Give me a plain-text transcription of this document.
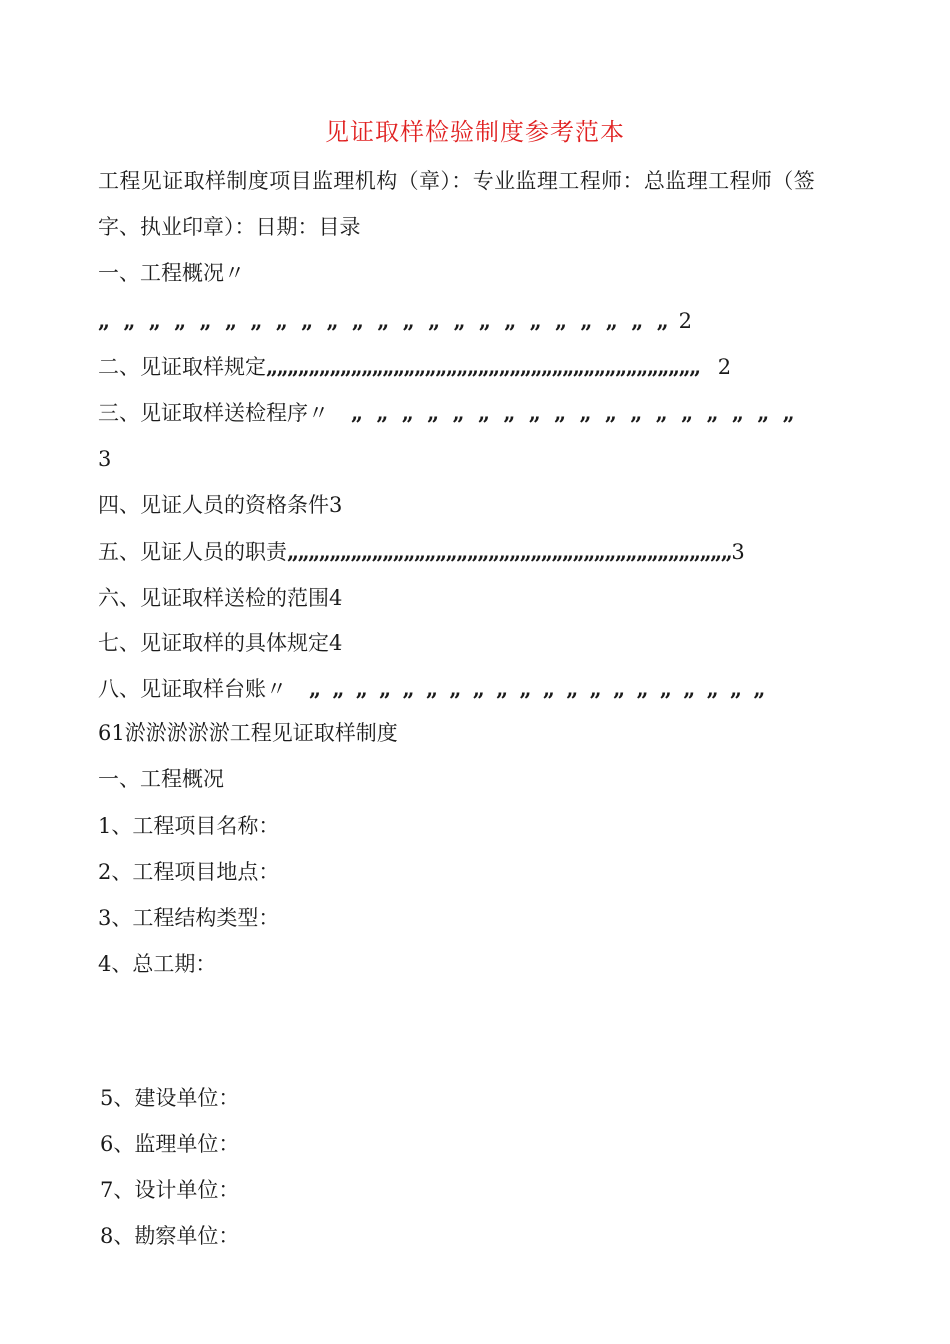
见证取样检验制度参考范本
工程见证取样制度项目监理机构（章）：专业监理工程师：总监理工程师（签
字、执业印章）：日期：目录
一、工程概况〃
„ „ „ „ „ „ „ „ „ „ „ „ „ „ „ „ „ „ „ „ „ „ „ 2
二、见证取样规定„„„„„„„„„„„„„„„„„„„„„„„„„„„„„„„„„„„„„„„„„ 2
三、见证取样送检程序〃 „ „ „ „ „ „ „ „ „ „ „ „ „ „ „ „ „ „
3
四、见证人员的资格条件3
五、见证人员的职责„„„„„„„„„„„„„„„„„„„„„„„„„„„„„„„„„„„„„„„„„„3
六、见证取样送检的范围4
七、见证取样的具体规定4
八、见证取样台账〃 „ „ „ „ „ „ „ „ „ „ „ „ „ „ „ „ „ „ „ „
61淤淤淤淤淤工程见证取样制度
一、工程概况
1、工程项目名称：
2、工程项目地点：
3、工程结构类型：
4、总工期：
5、建设单位：
6、监理单位：
7、设计单位：
8、勘察单位：
